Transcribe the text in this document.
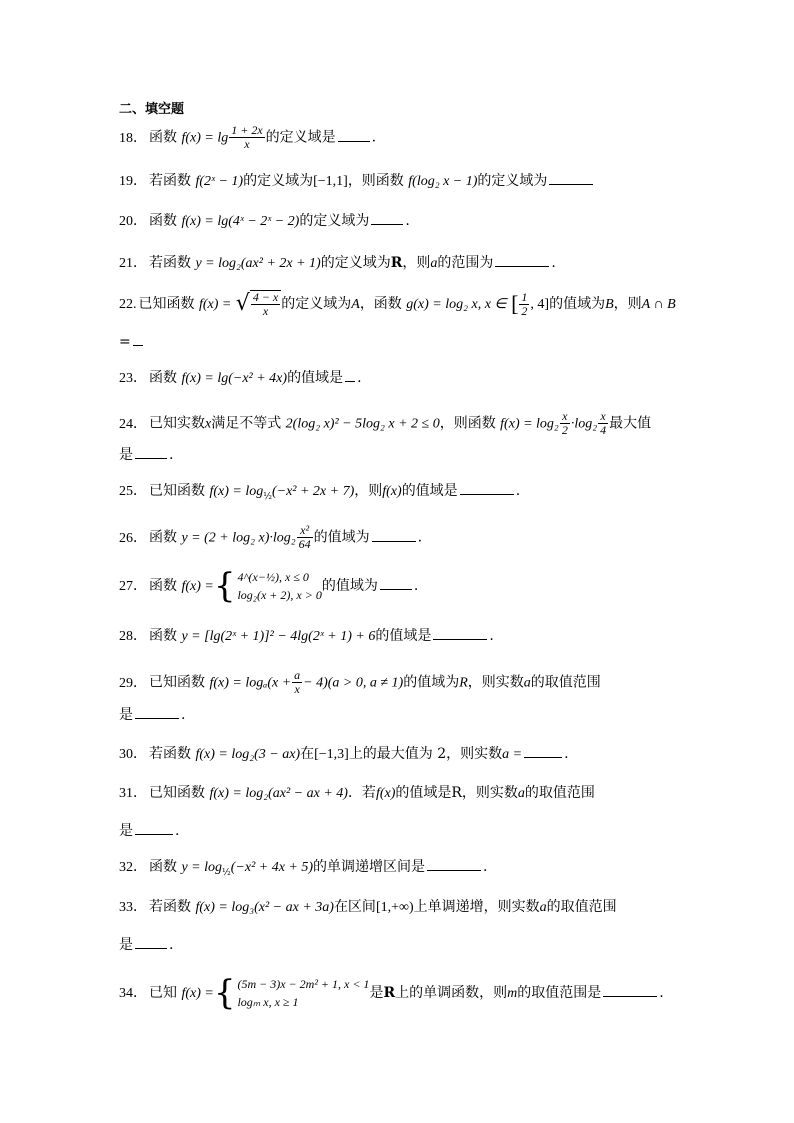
二、填空题
18． 函数 $f(x) = \lg \frac{1 + 2x}{x}$ 的定义域是	.
19． 若函数 f(2ˣ − 1)的定义域为[−1,1]，则函数 f(log₂ x − 1)的定义域为
20． 函数 f(x) = lg(4ˣ − 2ˣ − 2)的定义域为	.
21． 若函数 y = log₂(ax² + 2x + 1)的定义域为R，则a的范围为	.
22. 已知函数 f(x) = √ $\frac{4 - x}{x}$ 的定义域为A，函数 g(x) = log₂ x, x ∈ [ $\frac{1}{2}$ , 4]的值域为B，则A ∩ B
=
23． 函数 f(x) = lg(−x² + 4x)的值域是 .
24． 已知实数x满足不等式 2(log₂ x)² − 5log₂ x + 2 ≤ 0，则函数 $f(x) = \log_2 \frac{x}{2} \cdot\log_2 \frac{x}{4}$ 最大值
是	.
25． 已知函数 $f(x) = \log_{\frac{1}{2}}(-x^2 + 2x + 7)$，则f(x)的值域是	.
26． 函数 y = (2 + log₂ $x)\cdot\log_2 \frac{\text{x²}}{64}$ 的值域为	.
27． 函数 f(x) ={ 4^(x−½), x ≤ 0
log₂(x + 2), x > 0
的值域为	.
28． 函数 y = [lg(2ˣ + 1)]² − 4lg(2ˣ + 1) + 6的值域是	.
29． 已知函数 $f(x) = \log_a(x + \frac{a}{x} - 4)(a > 0$, a ≠ 1)的值域为R，则实数a的取值范围
是	.
30． 若函数 f(x) = log₂(3 − ax)在[−1,3]上的最大值为 2，则实数a =	.
31． 已知函数 f(x) = log₂(ax² − ax + 4)．若f(x)的值域是R，则实数a的取值范围
是	.
32． 函数 $y = \log_{\frac{1}{2}}(-x^2 + 4x + 5)$的单调递增区间是	.
33． 若函数 f(x) = log₃(x² − ax + 3a)在区间[1,+∞)上单调递增，则实数a的取值范围
是	.
34． 已知 f(x) ={ (5m − 3)x − 2m² + 1, x < 1
logₘ x, x ≥ 1
是R上的单调函数，则m的取值范围是	.
